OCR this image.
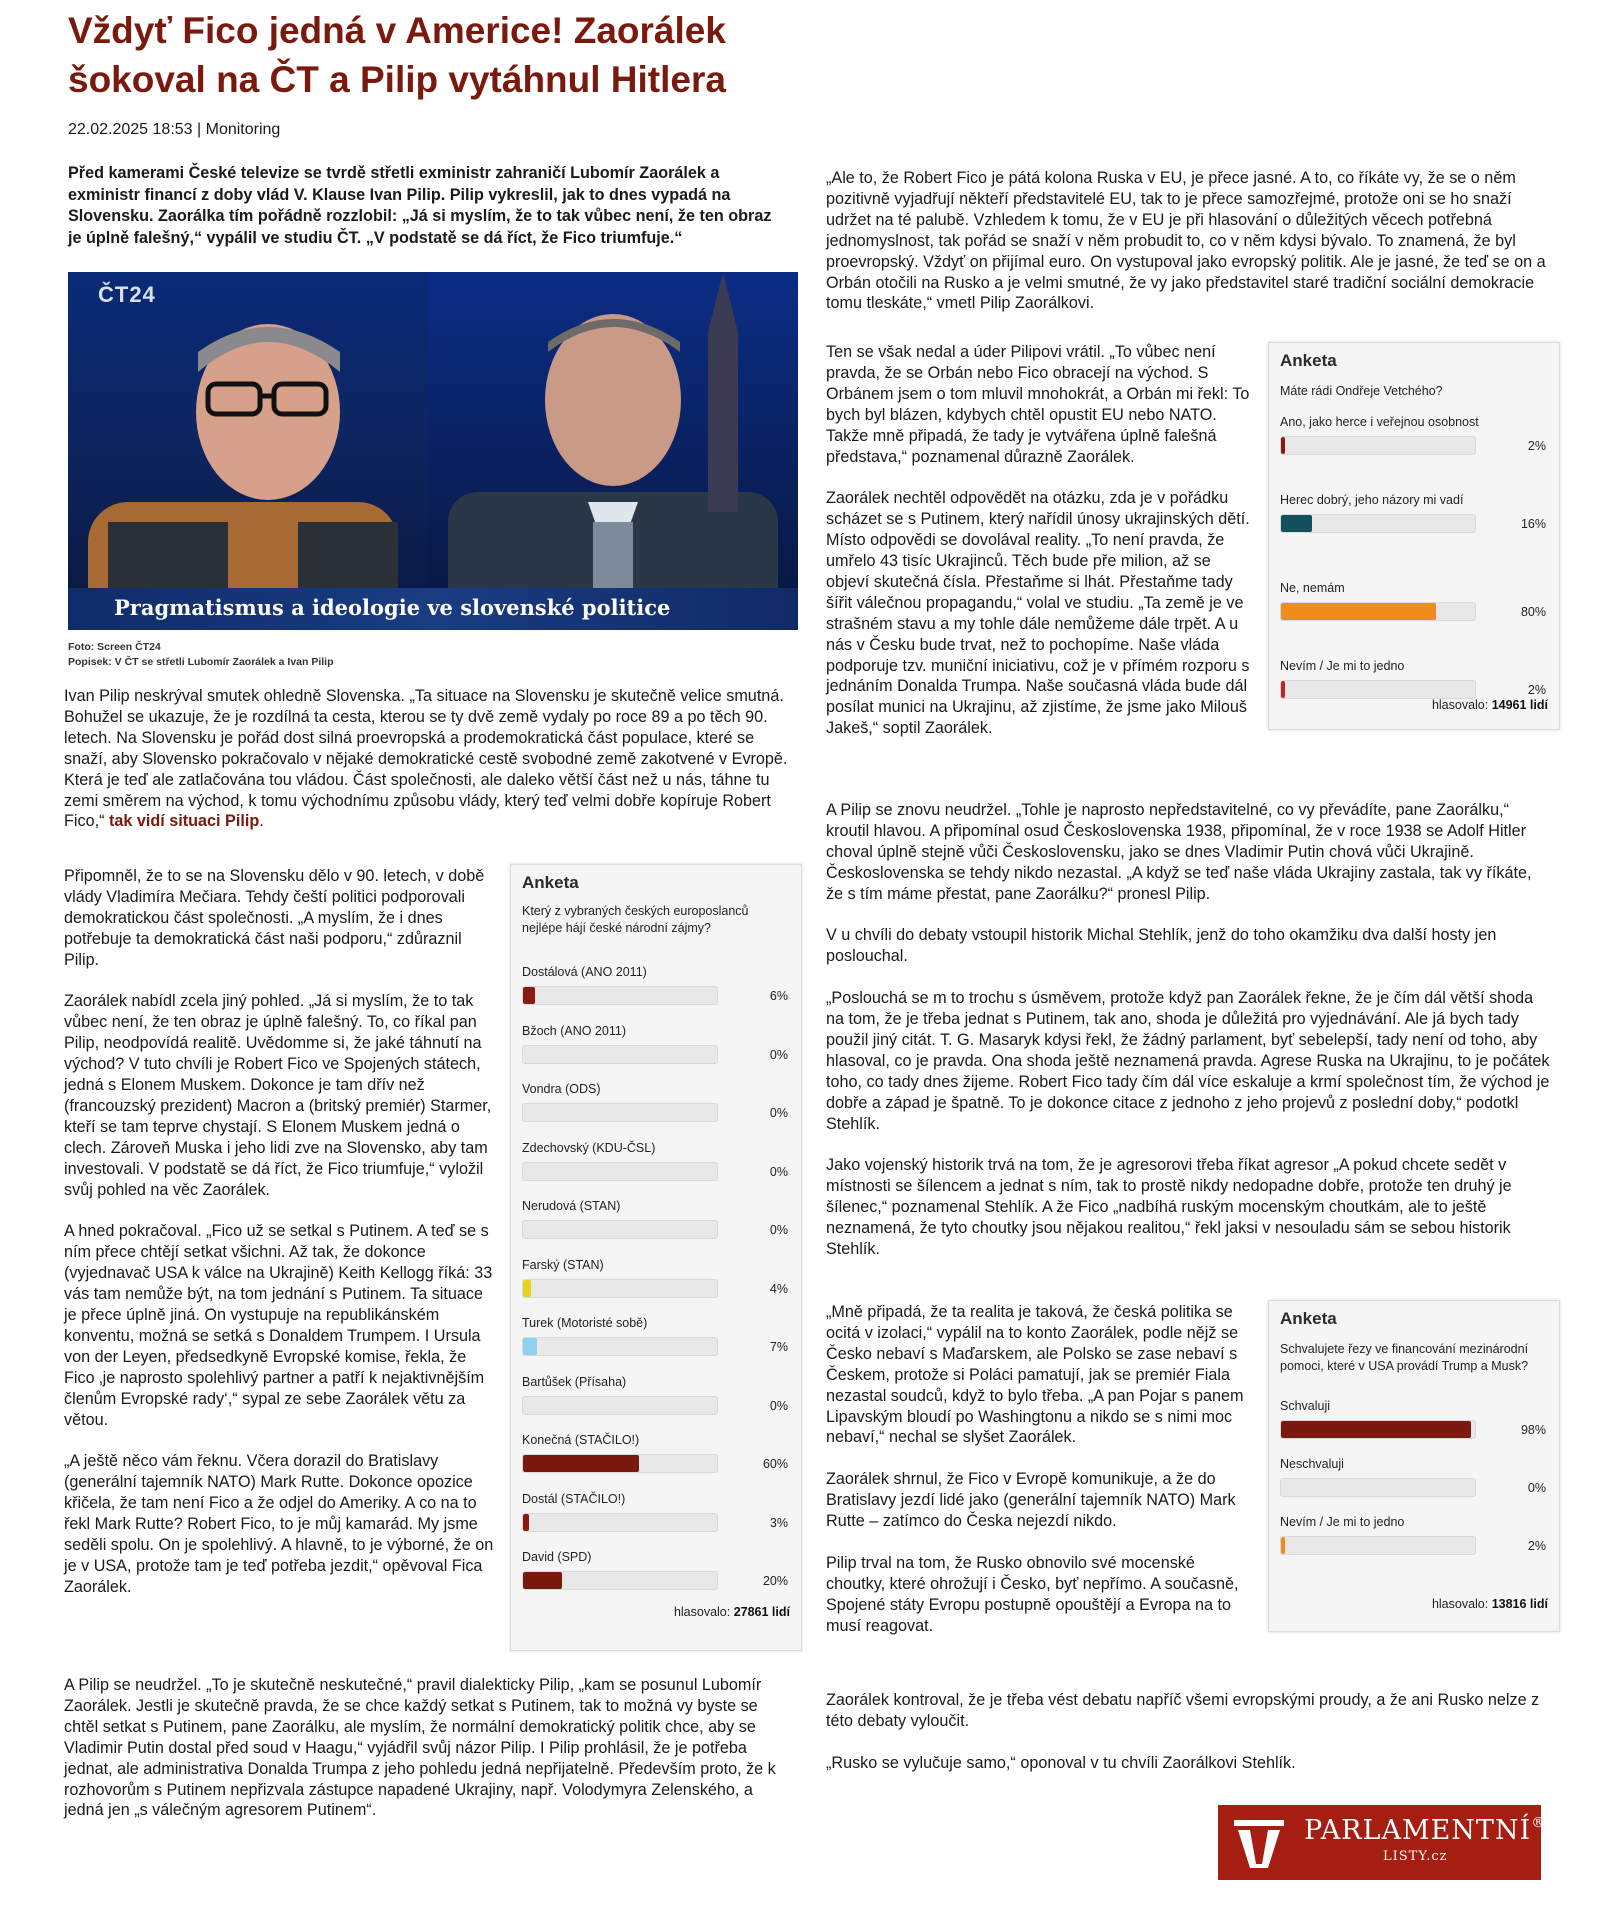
Vždyť Fico jedná v Americe! Zaorálek šokoval na ČT a Pilip vytáhnul Hitlera
22.02.2025 18:53 | Monitoring

Před kamerami České televize se tvrdě střetli exministr zahraničí Lubomír Zaorálek a exministr financí z doby vlád V. Klause Ivan Pilip. Pilip vykreslil, jak to dnes vypadá na Slovensku. Zaorálka tím pořádně rozzlobil: „Já si myslím, že to tak vůbec není, že ten obraz je úplně falešný,“ vypálil ve studiu ČT. „V podstatě se dá říct, že Fico triumfuje.“

ČT24
Pragmatismus a ideologie ve slovenské politice
Foto: Screen ČT24
Popisek: V ČT se střetli Lubomír Zaorálek a Ivan Pilip

Ivan Pilip neskrýval smutek ohledně Slovenska. „Ta situace na Slovensku je skutečně velice smutná. Bohužel se ukazuje, že je rozdílná ta cesta, kterou se ty dvě země vydaly po roce 89 a po těch 90. letech. Na Slovensku je pořád dost silná proevropská a prodemokratická část populace, které se snaží, aby Slovensko pokračovalo v nějaké demokratické cestě svobodné země zakotvené v Evropě. Která je teď ale zatlačována tou vládou. Část společnosti, ale daleko větší část než u nás, táhne tu zemi směrem na východ, k tomu východnímu způsobu vlády, který teď velmi dobře kopíruje Robert Fico,“ tak vidí situaci Pilip.

Připomněl, že to se na Slovensku dělo v 90. letech, v době vlády Vladimíra Mečiara. Tehdy čeští politici podporovali demokratickou část společnosti. „A myslím, že i dnes potřebuje ta demokratická část naši podporu,“ zdůraznil Pilip.

Zaorálek nabídl zcela jiný pohled. „Já si myslím, že to tak vůbec není, že ten obraz je úplně falešný. To, co říkal pan Pilip, neodpovídá realitě. Uvědomme si, že jaké táhnutí na východ? V tuto chvíli je Robert Fico ve Spojených státech, jedná s Elonem Muskem. Dokonce je tam dřív než (francouzský prezident) Macron a (britský premiér) Starmer, kteří se tam teprve chystají. S Elonem Muskem jedná o clech. Zároveň Muska i jeho lidi zve na Slovensko, aby tam investovali. V podstatě se dá říct, že Fico triumfuje,“ vyložil svůj pohled na věc Zaorálek.

A hned pokračoval. „Fico už se setkal s Putinem. A teď se s ním přece chtějí setkat všichni. Až tak, že dokonce (vyjednavač USA k válce na Ukrajině) Keith Kellogg říká: 33 vás tam nemůže být, na tom jednání s Putinem. Ta situace je přece úplně jiná. On vystupuje na republikánském konventu, možná se setká s Donaldem Trumpem. I Ursula von der Leyen, předsedkyně Evropské komise, řekla, že Fico ‚je naprosto spolehlivý partner a patří k nejaktivnějším členům Evropské rady‘,“ sypal ze sebe Zaorálek větu za větou.

„A ještě něco vám řeknu. Včera dorazil do Bratislavy (generální tajemník NATO) Mark Rutte. Dokonce opozice křičela, že tam není Fico a že odjel do Ameriky. A co na to řekl Mark Rutte? Robert Fico, to je můj kamarád. My jsme seděli spolu. On je spolehlivý. A hlavně, to je výborné, že on je v USA, protože tam je teď potřeba jezdit,“ opěvoval Fica Zaorálek.

A Pilip se neudržel. „To je skutečně neskutečné,“ pravil dialekticky Pilip, „kam se posunul Lubomír Zaorálek. Jestli je skutečně pravda, že se chce každý setkat s Putinem, tak to možná vy byste se chtěl setkat s Putinem, pane Zaorálku, ale myslím, že normální demokratický politik chce, aby se Vladimir Putin dostal před soud v Haagu,“ vyjádřil svůj názor Pilip. I Pilip prohlásil, že je potřeba jednat, ale administrativa Donalda Trumpa z jeho pohledu jedná nepřijatelně. Především proto, že k rozhovorům s Putinem nepřizvala zástupce napadené Ukrajiny, např. Volodymyra Zelenského, a jedná jen „s válečným agresorem Putinem“.

Anketa
Který z vybraných českých europoslanců nejlépe hájí české národní zájmy?
Dostálová (ANO 2011)
6%
Bžoch (ANO 2011)
0%
Vondra (ODS)
0%
Zdechovský (KDU-ČSL)
0%
Nerudová (STAN)
0%
Farský (STAN)
4%
Turek (Motoristé sobě)
7%
Bartůšek (Přísaha)
0%
Konečná (STAČILO!)
60%
Dostál (STAČILO!)
3%
David (SPD)
20%
hlasovalo: 27861 lidí

„Ale to, že Robert Fico je pátá kolona Ruska v EU, je přece jasné. A to, co říkáte vy, že se o něm pozitivně vyjadřují někteří představitelé EU, tak to je přece samozřejmé, protože oni se ho snaží udržet na té palubě. Vzhledem k tomu, že v EU je při hlasování o důležitých věcech potřebná jednomyslnost, tak pořád se snaží v něm probudit to, co v něm kdysi bývalo. To znamená, že byl proevropský. Vždyť on přijímal euro. On vystupoval jako evropský politik. Ale je jasné, že teď se on a Orbán otočili na Rusko a je velmi smutné, že vy jako představitel staré tradiční sociální demokracie tomu tleskáte,“ vmetl Pilip Zaorálkovi.

Ten se však nedal a úder Pilipovi vrátil. „To vůbec není pravda, že se Orbán nebo Fico obracejí na východ. S Orbánem jsem o tom mluvil mnohokrát, a Orbán mi řekl: To bych byl blázen, kdybych chtěl opustit EU nebo NATO. Takže mně připadá, že tady je vytvářena úplně falešná představa,“ poznamenal důrazně Zaorálek.

Zaorálek nechtěl odpovědět na otázku, zda je v pořádku scházet se s Putinem, který nařídil únosy ukrajinských dětí. Místo odpovědi se dovolával reality. „To není pravda, že umřelo 43 tisíc Ukrajinců. Těch bude pře milion, až se objeví skutečná čísla. Přestaňme si lhát. Přestaňme tady šířit válečnou propagandu,“ volal ve studiu. „Ta země je ve strašném stavu a my tohle dále nemůžeme dále trpět. A u nás v Česku bude trvat, než to pochopíme. Naše vláda podporuje tzv. muniční iniciativu, což je v přímém rozporu s jednáním Donalda Trumpa. Naše současná vláda bude dál posílat munici na Ukrajinu, až zjistíme, že jsme jako Milouš Jakeš,“ soptil Zaorálek.

A Pilip se znovu neudržel. „Tohle je naprosto nepředstavitelné, co vy převádíte, pane Zaorálku,“ kroutil hlavou. A připomínal osud Československa 1938, připomínal, že v roce 1938 se Adolf Hitler choval úplně stejně vůči Československu, jako se dnes Vladimir Putin chová vůči Ukrajině. Československa se tehdy nikdo nezastal. „A když se teď naše vláda Ukrajiny zastala, tak vy říkáte, že s tím máme přestat, pane Zaorálku?“ pronesl Pilip.

V u chvíli do debaty vstoupil historik Michal Stehlík, jenž do toho okamžiku dva další hosty jen poslouchal.

„Poslouchá se m to trochu s úsměvem, protože když pan Zaorálek řekne, že je čím dál větší shoda na tom, že je třeba jednat s Putinem, tak ano, shoda je důležitá pro vyjednávání. Ale já bych tady použil jiný citát. T. G. Masaryk kdysi řekl, že žádný parlament, byť sebelepší, tady není od toho, aby hlasoval, co je pravda. Ona shoda ještě neznamená pravda. Agrese Ruska na Ukrajinu, to je počátek toho, co tady dnes žijeme. Robert Fico tady čím dál více eskaluje a krmí společnost tím, že východ je dobře a západ je špatně. To je dokonce citace z jednoho z jeho projevů z poslední doby,“ podotkl Stehlík.

Jako vojenský historik trvá na tom, že je agresorovi třeba říkat agresor „A pokud chcete sedět v místnosti se šílencem a jednat s ním, tak to prostě nikdy nedopadne dobře, protože ten druhý je šílenec,“ poznamenal Stehlík. A že Fico „nadbíhá ruským mocenským choutkám, ale to ještě neznamená, že tyto choutky jsou nějakou realitou,“ řekl jaksi v nesouladu sám se sebou historik Stehlík.

„Mně připadá, že ta realita je taková, že česká politika se ocitá v izolaci,“ vypálil na to konto Zaorálek, podle nějž se Česko nebaví s Maďarskem, ale Polsko se zase nebaví s Českem, protože si Poláci pamatují, jak se premiér Fiala nezastal soudců, když to bylo třeba. „A pan Pojar s panem Lipavským bloudí po Washingtonu a nikdo se s nimi moc nebaví,“ nechal se slyšet Zaorálek.

Zaorálek shrnul, že Fico v Evropě komunikuje, a že do Bratislavy jezdí lidé jako (generální tajemník NATO) Mark Rutte – zatímco do Česka nejezdí nikdo.

Pilip trval na tom, že Rusko obnovilo své mocenské choutky, které ohrožují i Česko, byť nepřímo. A současně, Spojené státy Evropu postupně opouštějí a Evropa na to musí reagovat.

Zaorálek kontroval, že je třeba vést debatu napříč všemi evropskými proudy, a že ani Rusko nelze z této debaty vyloučit.

„Rusko se vylučuje samo,“ oponoval v tu chvíli Zaorálkovi Stehlík.

Anketa
Máte rádi Ondřeje Vetchého?
Ano, jako herce i veřejnou osobnost
2%
Herec dobrý, jeho názory mi vadí
16%
Ne, nemám
80%
Nevím / Je mi to jedno
2%
hlasovalo: 14961 lidí
Anketa
Schvalujete řezy ve financování mezinárodní pomoci, které v USA provádí Trump a Musk?
Schvaluji
98%
Neschvaluji
0%
Nevím / Je mi to jedno
2%
hlasovalo: 13816 lidí
PARLAMENTNÍ®
LISTY.cz
